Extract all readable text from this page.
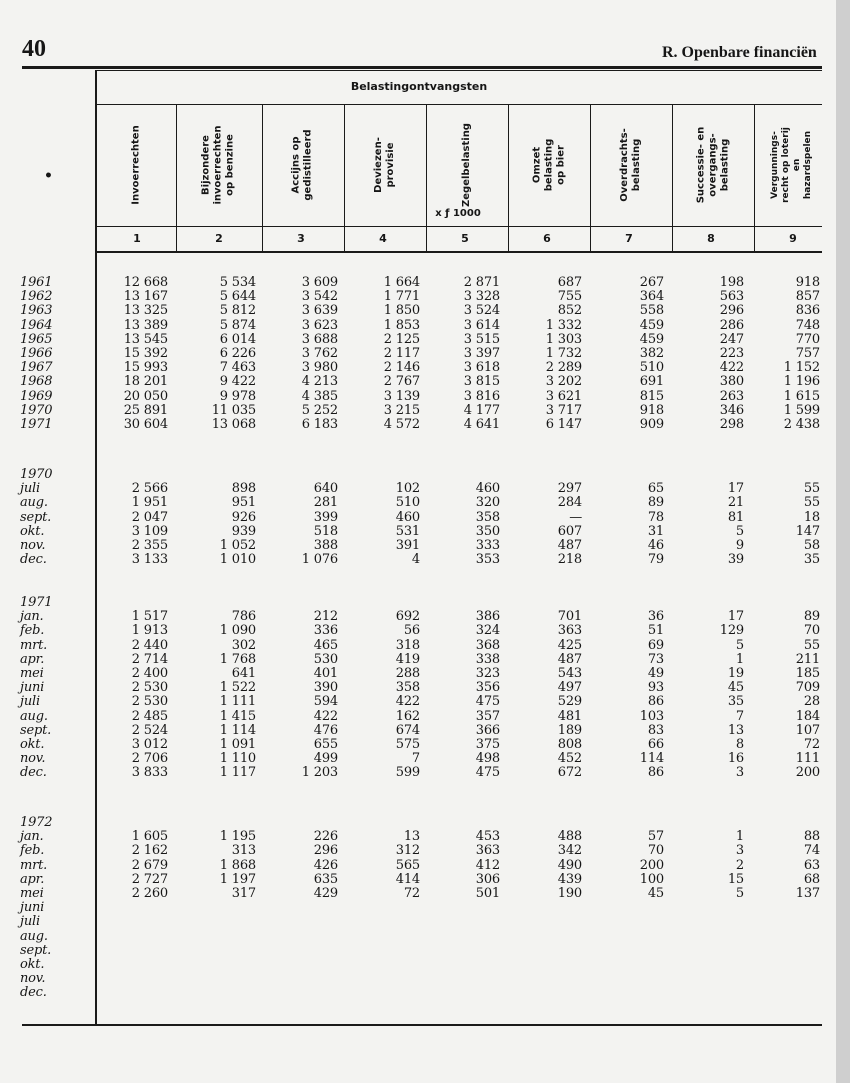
40	R. Openbare financiën
Belastingontvangsten
•	Invoerrechten	Bijzondere
invoerrechten
op benzine	Accijns op
gedistilleerd	Deviezen-
provisie	Zegelbelasting	Omzet
belasting
op bier	Overdrachts-
belasting	Successie- en
overgangs-
belasting	Vergunnings-
recht op loterij
en
hazardspelen
x ƒ 1000
1	2	3	4	5	6	7	8	9
1961	12 668	5 534	3 609	1 664	2 871	687	267	198	918
1962	13 167	5 644	3 542	1 771	3 328	755	364	563	857
1963	13 325	5 812	3 639	1 850	3 524	852	558	296	836
1964	13 389	5 874	3 623	1 853	3 614	1 332	459	286	748
1965	13 545	6 014	3 688	2 125	3 515	1 303	459	247	770
1966	15 392	6 226	3 762	2 117	3 397	1 732	382	223	757
1967	15 993	7 463	3 980	2 146	3 618	2 289	510	422	1 152
1968	18 201	9 422	4 213	2 767	3 815	3 202	691	380	1 196
1969	20 050	9 978	4 385	3 139	3 816	3 621	815	263	1 615
1970	25 891	11 035	5 252	3 215	4 177	3 717	918	346	1 599
1971	30 604	13 068	6 183	4 572	4 641	6 147	909	298	2 438
1970
juli	2 566	898	640	102	460	297	65	17	55
aug.	1 951	951	281	510	320	284	89	21	55
sept.	2 047	926	399	460	358	—	78	81	18
okt.	3 109	939	518	531	350	607	31	5	147
nov.	2 355	1 052	388	391	333	487	46	9	58
dec.	3 133	1 010	1 076	4	353	218	79	39	35
1971
jan.	1 517	786	212	692	386	701	36	17	89
feb.	1 913	1 090	336	56	324	363	51	129	70
mrt.	2 440	302	465	318	368	425	69	5	55
apr.	2 714	1 768	530	419	338	487	73	1	211
mei	2 400	641	401	288	323	543	49	19	185
juni	2 530	1 522	390	358	356	497	93	45	709
juli	2 530	1 111	594	422	475	529	86	35	28
aug.	2 485	1 415	422	162	357	481	103	7	184
sept.	2 524	1 114	476	674	366	189	83	13	107
okt.	3 012	1 091	655	575	375	808	66	8	72
nov.	2 706	1 110	499	7	498	452	114	16	111
dec.	3 833	1 117	1 203	599	475	672	86	3	200
1972
jan.	1 605	1 195	226	13	453	488	57	1	88
feb.	2 162	313	296	312	363	342	70	3	74
mrt.	2 679	1 868	426	565	412	490	200	2	63
apr.	2 727	1 197	635	414	306	439	100	15	68
mei	2 260	317	429	72	501	190	45	5	137
juni
juli
aug.
sept.
okt.
nov.
dec.
